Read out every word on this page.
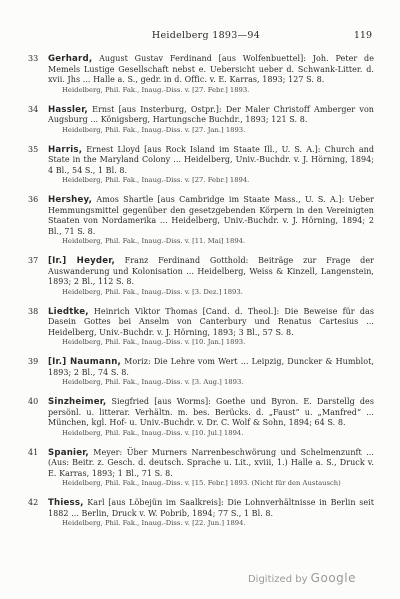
Heidelberg 1893—94	119
33	Gerhard, August Gustav Ferdinand [aus Wolfenbuettel]: Joh. Peter de Memels Lustige Gesellschaft nebst e. Uebersicht ueber d. Schwank-Litter. d. xvii. Jhs ... Halle a. S., gedr. in d. Offic. v. E. Karras, 1893; 127 S. 8.
Heidelberg, Phil. Fak., Inaug.-Diss. v. [27. Febr.] 1893.
34	Hassler, Ernst [aus Insterburg, Ostpr.]: Der Maler Christoff Amberger von Augsburg ... Königsberg, Hartungsche Buchdr., 1893; 121 S. 8.
Heidelberg, Phil. Fak., Inaug.-Diss. v. [27. Jan.] 1893.
35	Harris, Ernest Lloyd [aus Rock Island im Staate Ill., U. S. A.]: Church and State in the Maryland Colony ... Heidelberg, Univ.-Buchdr. v. J. Hörning, 1894; 4 Bl., 54 S., 1 Bl. 8.
Heidelberg, Phil. Fak., Inaug.-Diss. v. [27. Febr.] 1894.
36	Hershey, Amos Shartle [aus Cambridge im Staate Mass., U. S. A.]: Ueber Hemmungsmittel gegenüber den gesetzgebenden Körpern in den Vereinigten Staaten von Nordamerika ... Heidelberg, Univ.-Buchdr. v. J. Hörning, 1894; 2 Bl., 71 S. 8.
Heidelberg, Phil. Fak., Inaug.-Diss. v. [11. Mai] 1894.
37	[Ir.] Heyder, Franz Ferdinand Gotthold: Beiträge zur Frage der Auswanderung und Kolonisation ... Heidelberg, Weiss & Kinzell, Langenstein, 1893; 2 Bl., 112 S. 8.
Heidelberg, Phil. Fak., Inaug.-Diss. v. [3. Dez.] 1893.
38	Liedtke, Heinrich Viktor Thomas [Cand. d. Theol.]: Die Beweise für das Dasein Gottes bei Anselm von Canterbury und Renatus Cartesius ... Heidelberg, Univ.-Buchdr. v. J. Hörning, 1893; 3 Bl., 57 S. 8.
Heidelberg, Phil. Fak., Inaug.-Diss. v. [10. Jan.] 1893.
39	[Ir.] Naumann, Moriz: Die Lehre vom Wert ... Leipzig, Duncker & Humblot, 1893; 2 Bl., 74 S. 8.
Heidelberg, Phil. Fak., Inaug.-Diss. v. [3. Aug.] 1893.
40	Sinzheimer, Siegfried [aus Worms]: Goethe und Byron. E. Darstellg des persönl. u. litterar. Verhältn. m. bes. Berücks. d. „Faust“ u. „Manfred“ ... München, kgl. Hof- u. Univ.-Buchdr. v. Dr. C. Wolf & Sohn, 1894; 64 S. 8.
Heidelberg, Phil. Fak., Inaug.-Diss. v. [10. Jul.] 1894.
41	Spanier, Meyer: Über Murners Narrenbeschwörung und Schelmenzunft ... (Aus: Beitr. z. Gesch. d. deutsch. Sprache u. Lit., xviii, 1.) Halle a. S., Druck v. E. Karras, 1893; 1 Bl., 71 S. 8.
Heidelberg, Phil. Fak., Inaug.-Diss. v. [15. Febr.] 1893. (Nicht für den Austausch)
42	Thiess, Karl [aus Löbejün im Saalkreis]: Die Lohnverhältnisse in Berlin seit 1882 ... Berlin, Druck v. W. Pobrib, 1894; 77 S., 1 Bl. 8.
Heidelberg, Phil. Fak., Inaug.-Diss. v. [22. Jun.] 1894.
Digitized by Google
